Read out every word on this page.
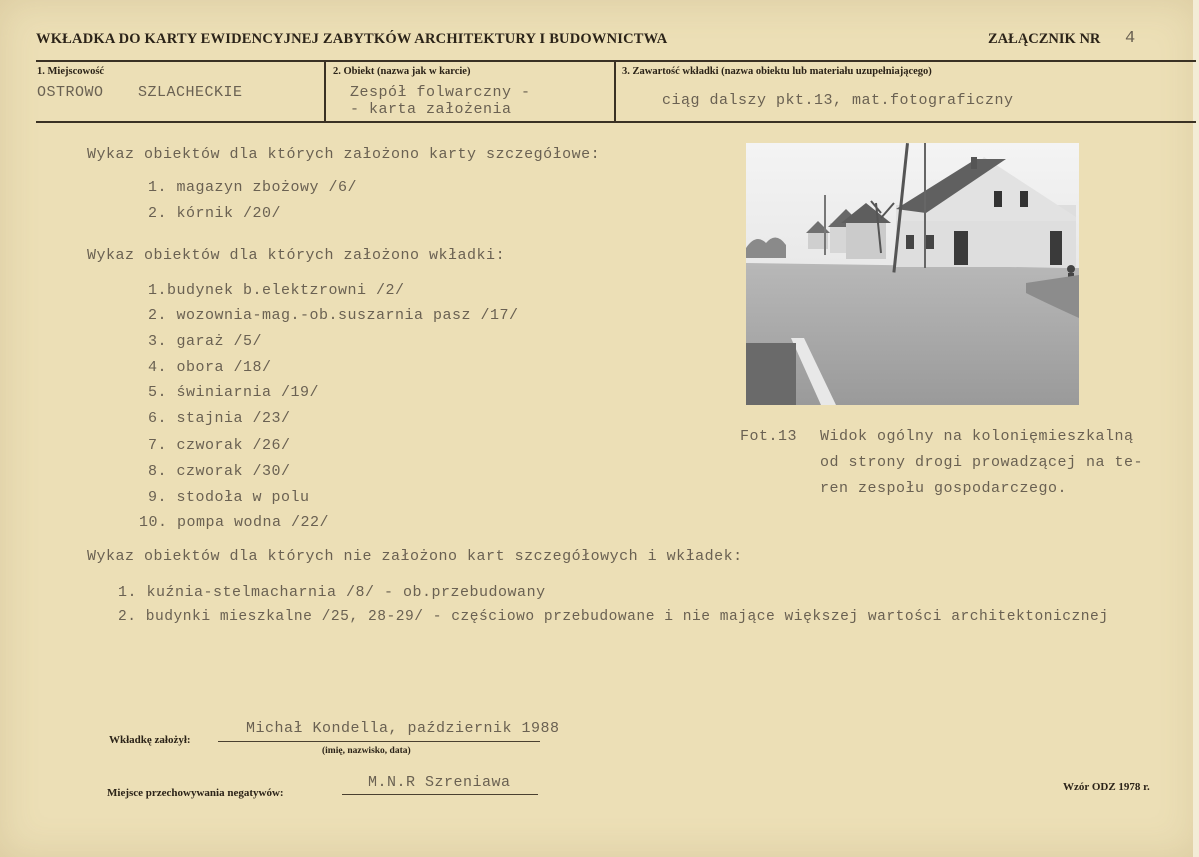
WKŁADKA DO KARTY EWIDENCYJNEJ ZABYTKÓW ARCHITEKTURY I BUDOWNICTWA	ZAŁĄCZNIK NR 4
1. Miejscowość
OSTROWO SZLACHECKIE
2. Obiekt (nazwa jak w karcie)
Zespół folwarczny -
- karta założenia
3. Zawartość wkładki (nazwa obiektu lub materiału uzupełniającego)
ciąg dalszy pkt.13, mat.fotograficzny
Wykaz obiektów dla których założono karty szczegółowe:
1. magazyn zbożowy /6/
2. kórnik /20/
Wykaz obiektów dla których założono wkładki:
1.budynek b.elektzrowni /2/
2. wozownia-mag.-ob.suszarnia pasz /17/
3. garaż /5/
4. obora /18/
5. świniarnia /19/
6. stajnia /23/
7. czworak /26/
8. czworak /30/
9. stodoła w polu
10. pompa wodna /22/
Wykaz obiektów dla których nie założono kart szczegółowych i wkładek:
1. kuźnia-stelmacharnia /8/ - ob.przebudowany
2. budynki mieszkalne /25, 28-29/ - częściowo przebudowane i nie mające większej wartości architektonicznej
Fot.13 Widok ogólny na kolonięmieszkalną
od strony drogi prowadzącej na te-
ren zespołu gospodarczego.
Wkładkę założył:
Michał Kondella, październik 1988
(imię, nazwisko, data)
Miejsce przechowywania negatywów:
M.N.R Szreniawa	Wzór ODZ 1978 r.
